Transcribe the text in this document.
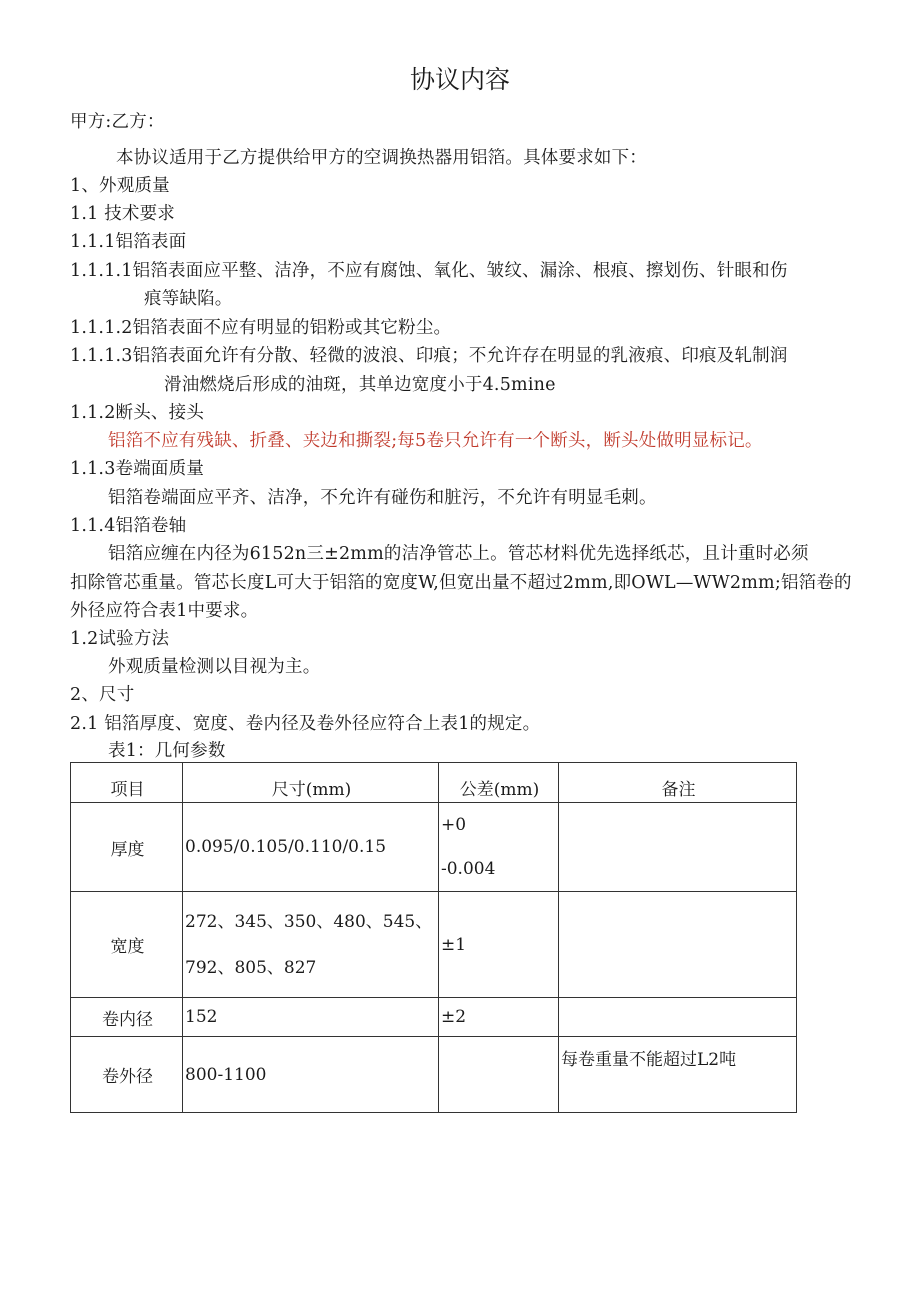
协议内容
甲方:乙方：
本协议适用于乙方提供给甲方的空调换热器用铝箔。具体要求如下：
1、外观质量
1.1 技术要求
1.1.1铝箔表面
1.1.1.1铝箔表面应平整、洁净，不应有腐蚀、氧化、皱纹、漏涂、根痕、擦划伤、针眼和伤
痕等缺陷。
1.1.1.2铝箔表面不应有明显的铝粉或其它粉尘。
1.1.1.3铝箔表面允许有分散、轻微的波浪、印痕；不允许存在明显的乳液痕、印痕及轧制润
滑油燃烧后形成的油斑，其单边宽度小于4.5mine
1.1.2断头、接头
铝箔不应有残缺、折叠、夹边和撕裂;每5卷只允许有一个断头，断头处做明显标记。
1.1.3卷端面质量
铝箔卷端面应平齐、洁净，不允许有碰伤和脏污，不允许有明显毛刺。
1.1.4铝箔卷轴
铝箔应缠在内径为6152n三±2mm的洁净管芯上。管芯材料优先选择纸芯，且计重时必须
扣除管芯重量。管芯长度L可大于铝箔的宽度W,但宽出量不超过2mm,即OWL—WW2mm;铝箔卷的
外径应符合表1中要求。
1.2试验方法
外观质量检测以目视为主。
2、尺寸
2.1 铝箔厚度、宽度、卷内径及卷外径应符合上表1的规定。
表1：几何参数
项目	尺寸(mm)	公差(mm)	备注
厚度	0.095/0.105/0.110/0.15	+0
-0.004	
宽度	272、345、350、480、545、
792、805、827	±1	
卷内径	152	±2	
卷外径	800-1100		每卷重量不能超过L2吨
